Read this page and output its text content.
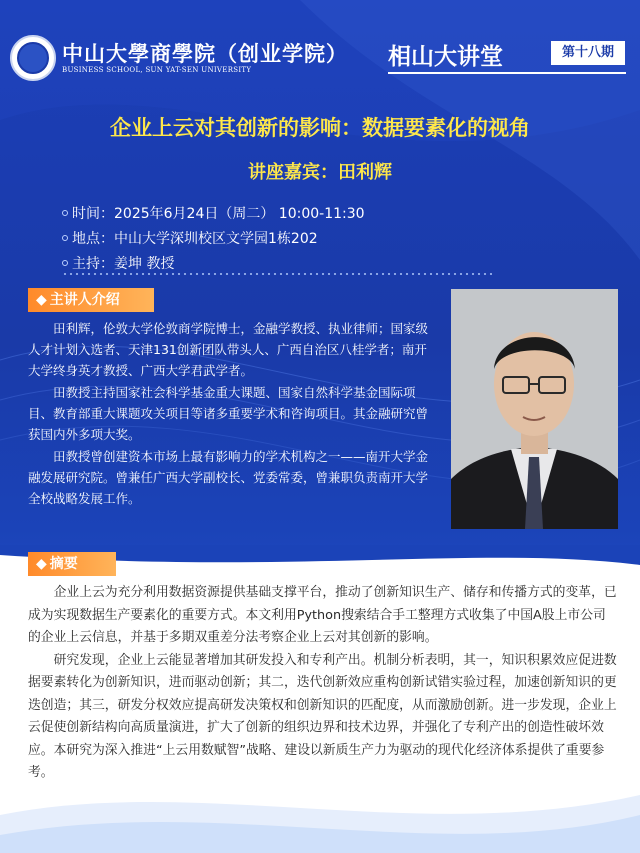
中山大學商學院（创业学院）
BUSINESS SCHOOL, SUN YAT-SEN UNIVERSITY	相山大讲堂	第十八期
企业上云对其创新的影响：数据要素化的视角
讲座嘉宾：田利辉
时间： 2025年6月24日（周二） 10:00-11:30
地点： 中山大学深圳校区文学园1栋202
主持： 姜坤 教授
◆ 主讲人介绍

田利辉，伦敦大学伦敦商学院博士，金融学教授、执业律师；国家级人才计划入选者、天津131创新团队带头人、广西自治区八桂学者；南开大学终身英才教授、广西大学君武学者。

田教授主持国家社会科学基金重大课题、国家自然科学基金国际项目、教育部重大课题攻关项目等诸多重要学术和咨询项目。其金融研究曾获国内外多项大奖。

田教授曾创建资本市场上最有影响力的学术机构之一——南开大学金融发展研究院。曾兼任广西大学副校长、党委常委，曾兼职负责南开大学全校战略发展工作。

◆ 摘要

企业上云为充分利用数据资源提供基础支撑平台，推动了创新知识生产、储存和传播方式的变革，已成为实现数据生产要素化的重要方式。本文利用Python搜索结合手工整理方式收集了中国A股上市公司的企业上云信息，并基于多期双重差分法考察企业上云对其创新的影响。

研究发现，企业上云能显著增加其研发投入和专利产出。机制分析表明，其一，知识积累效应促进数据要素转化为创新知识，进而驱动创新；其二，迭代创新效应重构创新试错实验过程，加速创新知识的更迭创造；其三，研发分权效应提高研发决策权和创新知识的匹配度，从而激励创新。进一步发现，企业上云促使创新结构向高质量演进，扩大了创新的组织边界和技术边界，并强化了专利产出的创造性破坏效应。本研究为深入推进“上云用数赋智”战略、建设以新质生产力为驱动的现代化经济体系提供了重要参考。
